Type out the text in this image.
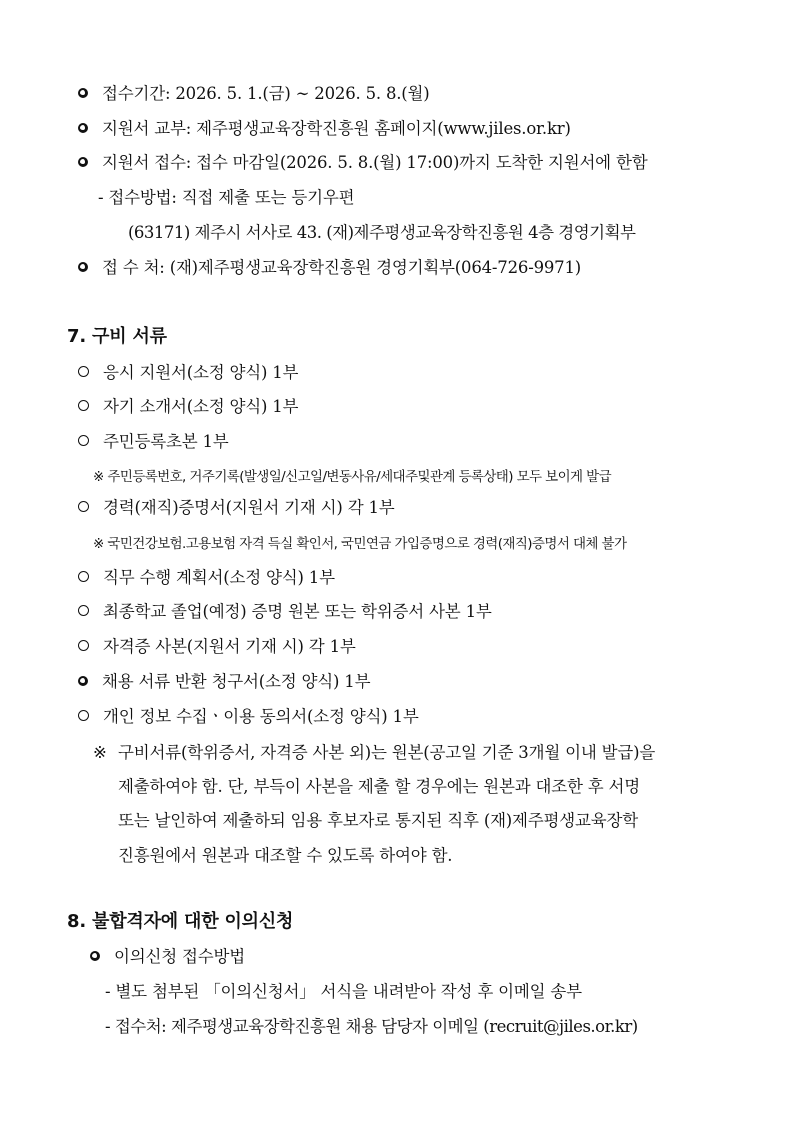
접수기간: 2026. 5. 1.(금) ∼ 2026. 5. 8.(월)
지원서 교부: 제주평생교육장학진흥원 홈페이지(www.jiles.or.kr)
지원서 접수: 접수 마감일(2026. 5. 8.(월) 17:00)까지 도착한 지원서에 한함
- 접수방법: 직접 제출 또는 등기우편
(63171) 제주시 서사로 43. (재)제주평생교육장학진흥원 4층 경영기획부
접 수 처: (재)제주평생교육장학진흥원 경영기획부(064-726-9971)
7. 구비 서류
응시 지원서(소정 양식) 1부
자기 소개서(소정 양식) 1부
주민등록초본 1부
※ 주민등록번호, 거주기록(발생일/신고일/변동사유/세대주및관계 등록상태) 모두 보이게 발급
경력(재직)증명서(지원서 기재 시) 각 1부
※ 국민건강보험.고용보험 자격 득실 확인서, 국민연금 가입증명으로 경력(재직)증명서 대체 불가
직무 수행 계획서(소정 양식) 1부
최종학교 졸업(예정) 증명 원본 또는 학위증서 사본 1부
자격증 사본(지원서 기재 시) 각 1부
채용 서류 반환 청구서(소정 양식) 1부
개인 정보 수집ㆍ이용 동의서(소정 양식) 1부
※ 구비서류(학위증서, 자격증 사본 외)는 원본(공고일 기준 3개월 이내 발급)을
제출하여야 함. 단, 부득이 사본을 제출 할 경우에는 원본과 대조한 후 서명
또는 날인하여 제출하되 임용 후보자로 통지된 직후 (재)제주평생교육장학
진흥원에서 원본과 대조할 수 있도록 하여야 함.
8. 불합격자에 대한 이의신청
이의신청 접수방법
- 별도 첨부된 「이의신청서」 서식을 내려받아 작성 후 이메일 송부
- 접수처: 제주평생교육장학진흥원 채용 담당자 이메일 (recruit@jiles.or.kr)
